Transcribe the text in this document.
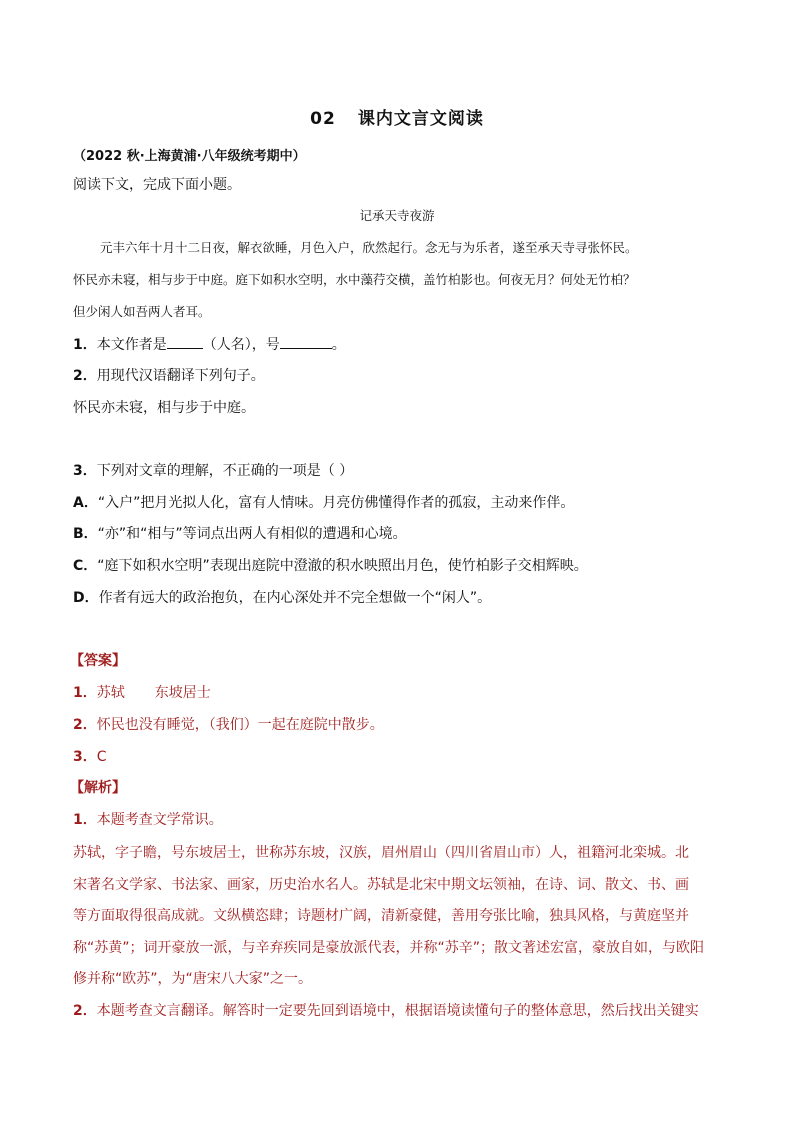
02 课内文言文阅读
（2022 秋·上海黄浦·八年级统考期中）
阅读下文，完成下面小题。
记承天寺夜游
元丰六年十月十二日夜，解衣欲睡，月色入户，欣然起行。念无与为乐者，遂至承天寺寻张怀民。
怀民亦未寝，相与步于中庭。庭下如积水空明，水中藻荇交横，盖竹柏影也。何夜无月？何处无竹柏？
但少闲人如吾两人者耳。
1．本文作者是	（人名），号	。
2．用现代汉语翻译下列句子。
怀民亦未寝，相与步于中庭。
3．下列对文章的理解，不正确的一项是（ ）
A．“入户”把月光拟人化，富有人情味。月亮仿佛懂得作者的孤寂，主动来作伴。
B．“亦”和“相与”等词点出两人有相似的遭遇和心境。
C．“庭下如积水空明”表现出庭院中澄澈的积水映照出月色，使竹柏影子交相辉映。
D．作者有远大的政治抱负，在内心深处并不完全想做一个“闲人”。
【答案】
1．苏轼 东坡居士
2．怀民也没有睡觉，（我们）一起在庭院中散步。
3．C
【解析】
1．本题考查文学常识。
苏轼，字子瞻，号东坡居士，世称苏东坡，汉族，眉州眉山（四川省眉山市）人，祖籍河北栾城。北
宋著名文学家、书法家、画家，历史治水名人。苏轼是北宋中期文坛领袖，在诗、词、散文、书、画
等方面取得很高成就。文纵横恣肆；诗题材广阔，清新豪健，善用夸张比喻，独具风格，与黄庭坚并
称“苏黄”；词开豪放一派，与辛弃疾同是豪放派代表，并称“苏辛”；散文著述宏富，豪放自如，与欧阳
修并称“欧苏”，为“唐宋八大家”之一。
2．本题考查文言翻译。解答时一定要先回到语境中，根据语境读懂句子的整体意思，然后找出关键实
